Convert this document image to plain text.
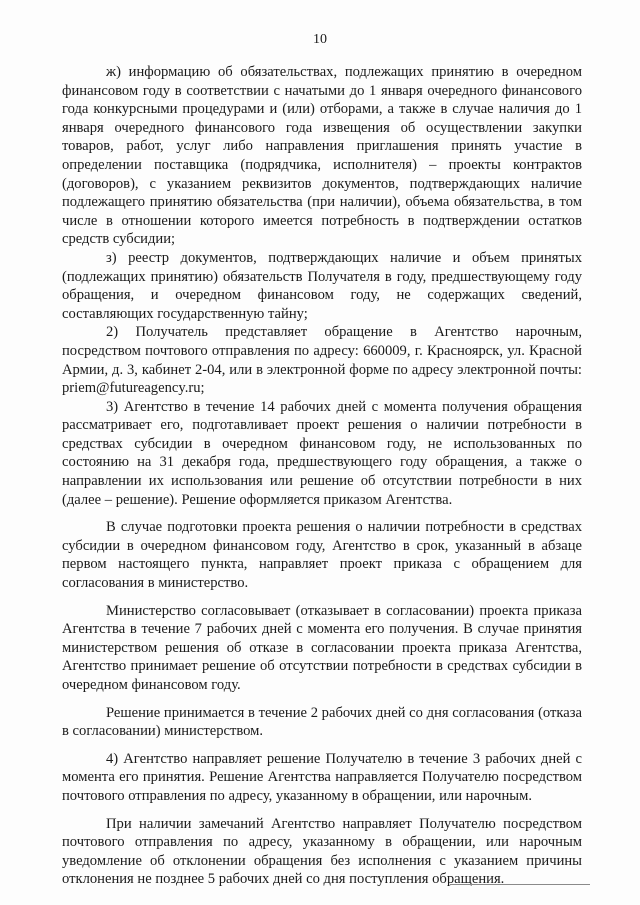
10

ж) информацию об обязательствах, подлежащих принятию в очередном финансовом году в соответствии с начатыми до 1 января очередного финансового года конкурсными процедурами и (или) отборами, а также в случае наличия до 1 января очередного финансового года извещения об осуществлении закупки товаров, работ, услуг либо направления приглашения принять участие в определении поставщика (подрядчика, исполнителя) – проекты контрактов (договоров), с указанием реквизитов документов, подтверждающих наличие подлежащего принятию обязательства (при наличии), объема обязательства, в том числе в отношении которого имеется потребность в подтверждении остатков средств субсидии;

з) реестр документов, подтверждающих наличие и объем принятых (подлежащих принятию) обязательств Получателя в году, предшествующему году обращения, и очередном финансовом году, не содержащих сведений, составляющих государственную тайну;

2) Получатель представляет обращение в Агентство нарочным, посредством почтового отправления по адресу: 660009, г. Красноярск, ул. Красной Армии, д. 3, кабинет 2-04, или в электронной форме по адресу электронной почты: priem@futureagency.ru;

3) Агентство в течение 14 рабочих дней с момента получения обращения рассматривает его, подготавливает проект решения о наличии потребности в средствах субсидии в очередном финансовом году, не использованных по состоянию на 31 декабря года, предшествующего году обращения, а также о направлении их использования или решение об отсутствии потребности в них (далее – решение). Решение оформляется приказом Агентства.

В случае подготовки проекта решения о наличии потребности в средствах субсидии в очередном финансовом году, Агентство в срок, указанный в абзаце первом настоящего пункта, направляет проект приказа с обращением для согласования в министерство.

Министерство согласовывает (отказывает в согласовании) проекта приказа Агентства в течение 7 рабочих дней с момента его получения. В случае принятия министерством решения об отказе в согласовании проекта приказа Агентства, Агентство принимает решение об отсутствии потребности в средствах субсидии в очередном финансовом году.

Решение принимается в течение 2 рабочих дней со дня согласования (отказа в согласовании) министерством.

4) Агентство направляет решение Получателю в течение 3 рабочих дней с момента его принятия. Решение Агентства направляется Получателю посредством почтового отправления по адресу, указанному в обращении, или нарочным.

При наличии замечаний Агентство направляет Получателю посредством почтового отправления по адресу, указанному в обращении, или нарочным уведомление об отклонении обращения без исполнения с указанием причины отклонения не позднее 5 рабочих дней со дня поступления обращения.
